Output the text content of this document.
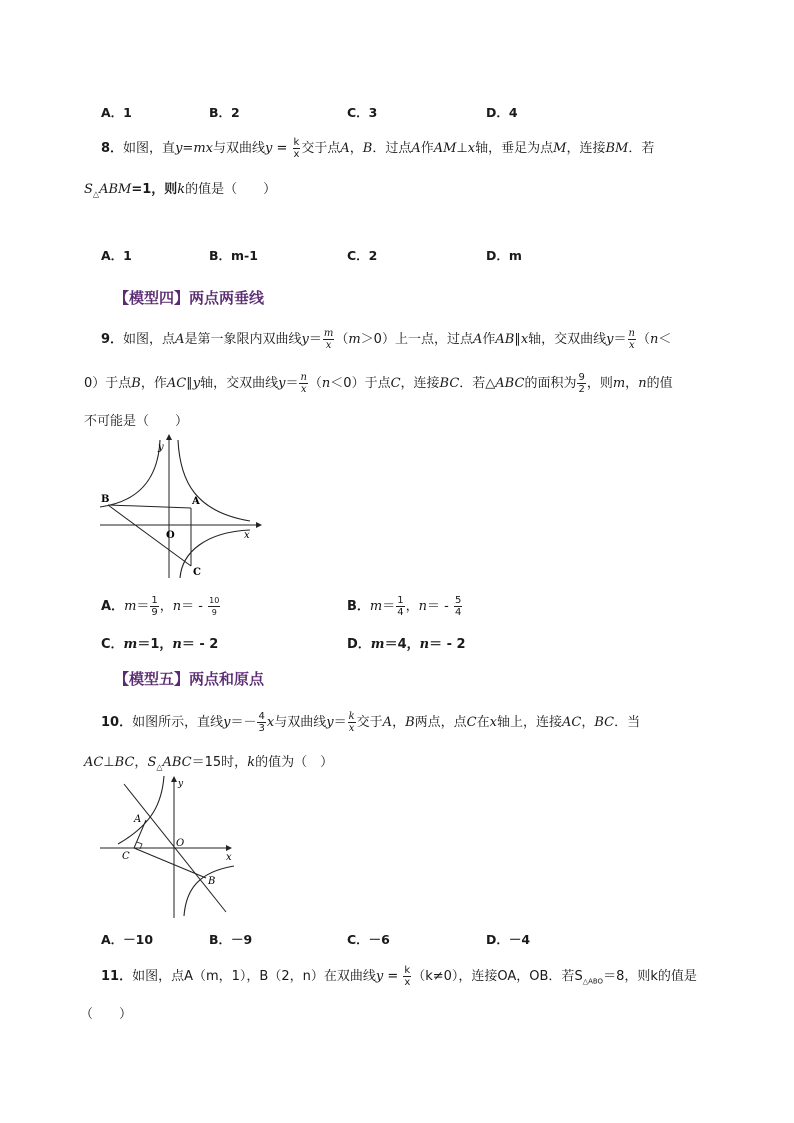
A．1	B．2	C．3	D．4
8．如图，直y=mx与双曲线$y = \frac{k}{x}$ 交于点A，B．过点A作AM⊥x轴，垂足为点M，连接BM．若
$S_\triangle ABM=1$，则k的值是（　　）
A．1	B．m-1	C．2	D．m
【模型四】两点两垂线
9．如图，点A是第一象限内双曲线$y= \frac{m}{x}(m>0)$上一点，过点A作AB∥x轴，交双曲线$y= \frac{n}{x}(n<$
0）于点B，作AC∥y轴，交双曲线$y= \frac{n}{x}(n<0)$于点C，连接BC．若△ABC的面积为 $\frac{9}{2}$ ，则m，n的值
不可能是（　　）
B	A
O
C
x
y
A．$m= \frac{1}{9}$ ，$n= - \frac{10}{9}$	B．$m= \frac{1}{4}$ ，$n= - \frac{5}{4}$
C．m＝1，n＝ - 2	D．m＝4，n＝ - 2
【模型五】两点和原点
10．如图所示，直线$y=- \frac{4}{3}$ x与双曲线$y= \frac{k}{x}$交于A，B两点，点C在x轴上，连接AC，BC．当
AC⊥BC，$S_\triangle ABC=15$时，k的值为（　）
A
O
C
B
x
y
A．－10	B．－9	C．－6	D．－4
11．如图，点A（m，1），B（2，n）在双曲线$y = \frac{k}{x} (k\ne 0)$，连接OA，OB．若$S_{\triangle ABO}=8$，则k的值是
（　　）
